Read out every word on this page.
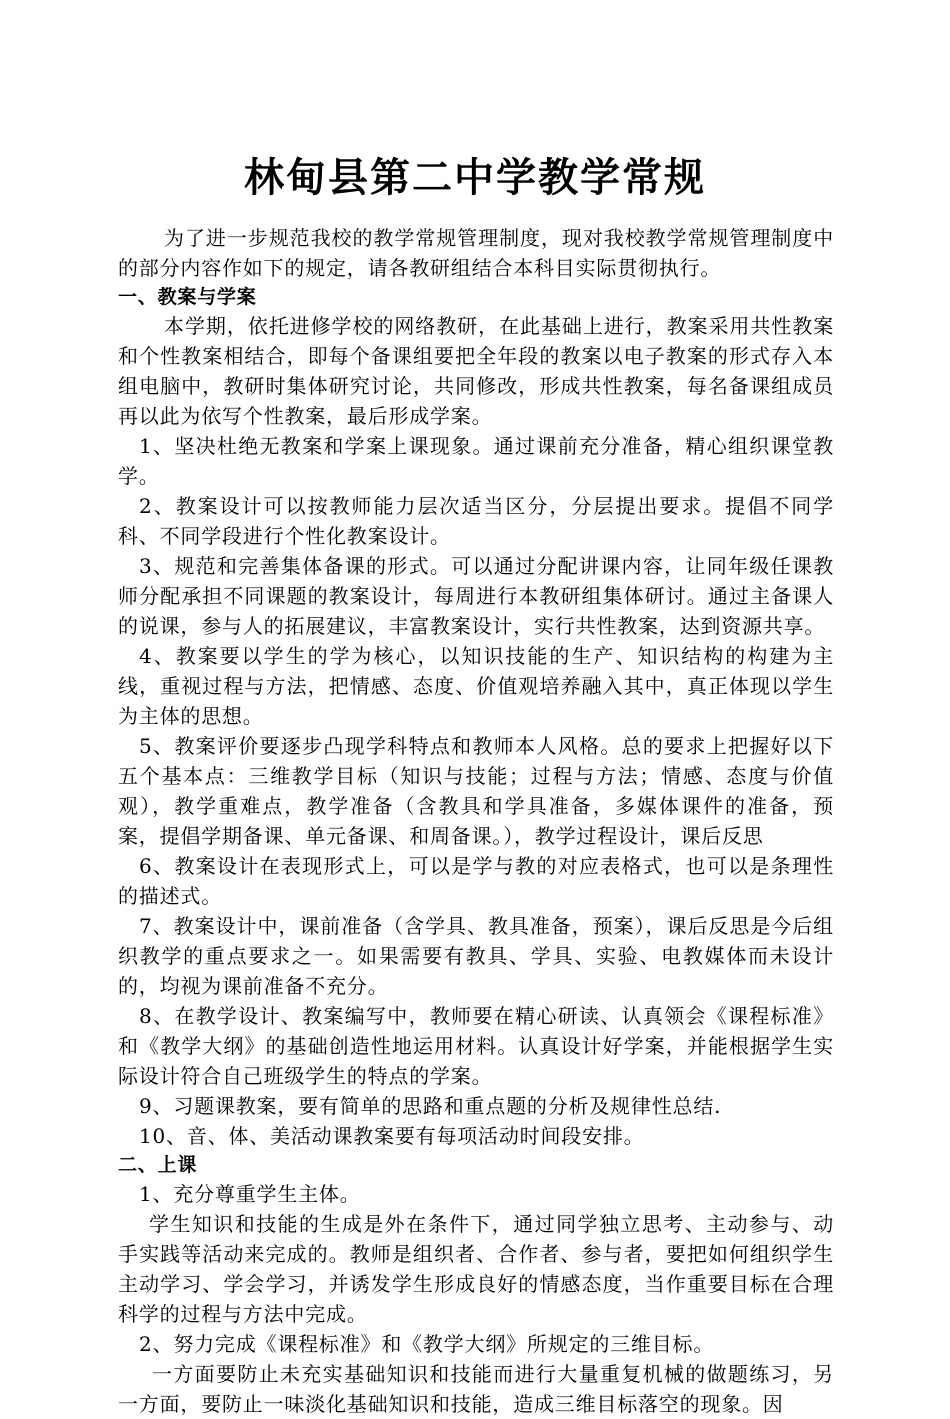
林甸县第二中学教学常规

为了进一步规范我校的教学常规管理制度，现对我校教学常规管理制度中的部分内容作如下的规定，请各教研组结合本科目实际贯彻执行。

一、教案与学案

本学期，依托进修学校的网络教研，在此基础上进行，教案采用共性教案和个性教案相结合，即每个备课组要把全年段的教案以电子教案的形式存入本组电脑中，教研时集体研究讨论，共同修改，形成共性教案，每名备课组成员再以此为依写个性教案，最后形成学案。

1、坚决杜绝无教案和学案上课现象。通过课前充分准备，精心组织课堂教学。

2、教案设计可以按教师能力层次适当区分，分层提出要求。提倡不同学科、不同学段进行个性化教案设计。

3、规范和完善集体备课的形式。可以通过分配讲课内容，让同年级任课教师分配承担不同课题的教案设计，每周进行本教研组集体研讨。通过主备课人的说课，参与人的拓展建议，丰富教案设计，实行共性教案，达到资源共享。

4、教案要以学生的学为核心，以知识技能的生产、知识结构的构建为主线，重视过程与方法，把情感、态度、价值观培养融入其中，真正体现以学生为主体的思想。

5、教案评价要逐步凸现学科特点和教师本人风格。总的要求上把握好以下五个基本点：三维教学目标（知识与技能；过程与方法；情感、态度与价值观），教学重难点，教学准备（含教具和学具准备，多媒体课件的准备，预案，提倡学期备课、单元备课、和周备课。），教学过程设计，课后反思

6、教案设计在表现形式上，可以是学与教的对应表格式，也可以是条理性的描述式。

7、教案设计中，课前准备（含学具、教具准备，预案），课后反思是今后组织教学的重点要求之一。如果需要有教具、学具、实验、电教媒体而未设计的，均视为课前准备不充分。

8、在教学设计、教案编写中，教师要在精心研读、认真领会《课程标准》和《教学大纲》的基础创造性地运用材料。认真设计好学案，并能根据学生实际设计符合自己班级学生的特点的学案。

9、习题课教案，要有简单的思路和重点题的分析及规律性总结.

10、音、体、美活动课教案要有每项活动时间段安排。

二、上课

1、充分尊重学生主体。

学生知识和技能的生成是外在条件下，通过同学独立思考、主动参与、动手实践等活动来完成的。教师是组织者、合作者、参与者，要把如何组织学生主动学习、学会学习，并诱发学生形成良好的情感态度，当作重要目标在合理科学的过程与方法中完成。

2、努力完成《课程标准》和《教学大纲》所规定的三维目标。

一方面要防止未充实基础知识和技能而进行大量重复机械的做题练习，另一方面，要防止一味淡化基础知识和技能，造成三维目标落空的现象。因
